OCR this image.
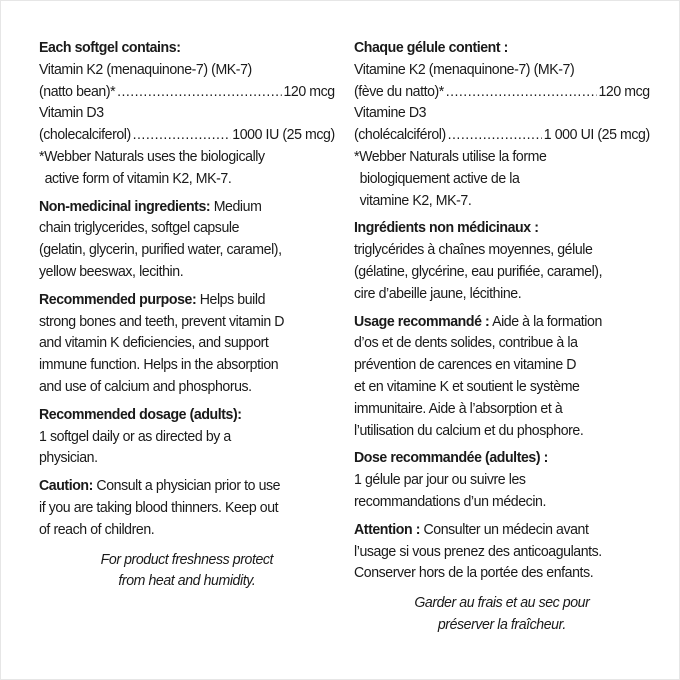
Each softgel contains:
Vitamin K2 (menaquinone-7) (MK-7)
(natto bean)* .....	120 mcg
Vitamin D3
(cholecalciferol) .....	1000 IU (25 mcg)
*Webber Naturals uses the biologically
active form of vitamin K2, MK-7.
Non-medicinal ingredients: Medium
chain triglycerides, softgel capsule
(gelatin, glycerin, purified water, caramel),
yellow beeswax, lecithin.
Recommended purpose: Helps build
strong bones and teeth, prevent vitamin D
and vitamin K deficiencies, and support
immune function. Helps in the absorption
and use of calcium and phosphorus.
Recommended dosage (adults):
1 softgel daily or as directed by a
physician.
Caution: Consult a physician prior to use
if you are taking blood thinners. Keep out
of reach of children.
For product freshness protect
from heat and humidity.
Chaque gélule contient :
Vitamine K2 (menaquinone-7) (MK-7)
(fève du natto)* .....	120 mcg
Vitamine D3
(cholécalciférol) .....	1 000 UI (25 mcg)
*Webber Naturals utilise la forme
biologiquement active de la
vitamine K2, MK-7.
Ingrédients non médicinaux :
triglycérides à chaînes moyennes, gélule
(gélatine, glycérine, eau purifiée, caramel),
cire d’abeille jaune, lécithine.
Usage recommandé : Aide à la formation
d’os et de dents solides, contribue à la
prévention de carences en vitamine D
et en vitamine K et soutient le système
immunitaire. Aide à l’absorption et à
l’utilisation du calcium et du phosphore.
Dose recommandée (adultes) :
1 gélule par jour ou suivre les
recommandations d’un médecin.
Attention : Consulter un médecin avant
l’usage si vous prenez des anticoagulants.
Conserver hors de la portée des enfants.
Garder au frais et au sec pour
préserver la fraîcheur.
